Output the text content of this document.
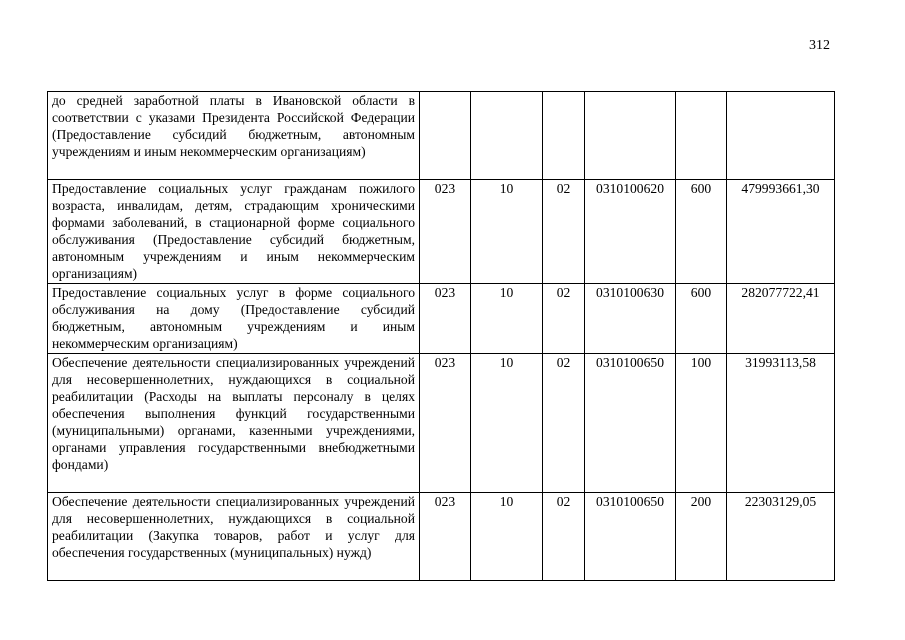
312
до средней заработной платы в Ивановской области в соответствии с указами Президента Российской Федерации (Предоставление субсидий бюджетным, автономным учреждениям и иным некоммерческим организациям)						
Предоставление социальных услуг гражданам пожилого возраста, инвалидам, детям, страдающим хроническими формами заболеваний, в стационарной форме социального обслуживания (Предоставление субсидий бюджетным, автономным учреждениям и иным некоммерческим организациям)	023	10	02	0310100620	600	479993661,30
Предоставление социальных услуг в форме социального обслуживания на дому (Предоставление субсидий бюджетным, автономным учреждениям и иным некоммерческим организациям)	023	10	02	0310100630	600	282077722,41
Обеспечение деятельности специализированных учреждений для несовершеннолетних, нуждающихся в социальной реабилитации (Расходы на выплаты персоналу в целях обеспечения выполнения функций государственными (муниципальными) органами, казенными учреждениями, органами управления государственными внебюджетными фондами)	023	10	02	0310100650	100	31993113,58
Обеспечение деятельности специализированных учреждений для несовершеннолетних, нуждающихся в социальной реабилитации (Закупка товаров, работ и услуг для обеспечения государственных (муниципальных) нужд)	023	10	02	0310100650	200	22303129,05
